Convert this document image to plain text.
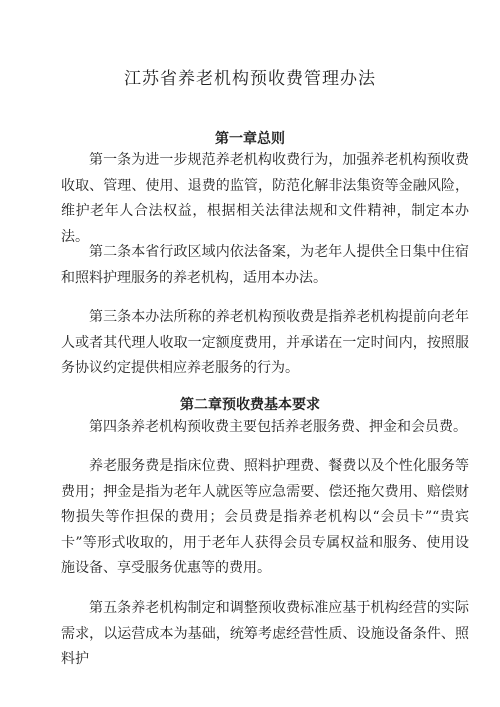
江苏省养老机构预收费管理办法
第一章总则
第一条为进一步规范养老机构收费行为，加强养老机构预收费收取、管理、使用、退费的监管，防范化解非法集资等金融风险，维护老年人合法权益，根据相关法律法规和文件精神，制定本办法。
第二条本省行政区域内依法备案，为老年人提供全日集中住宿和照料护理服务的养老机构，适用本办法。
第三条本办法所称的养老机构预收费是指养老机构提前向老年人或者其代理人收取一定额度费用，并承诺在一定时间内，按照服务协议约定提供相应养老服务的行为。
第二章预收费基本要求
第四条养老机构预收费主要包括养老服务费、押金和会员费。
养老服务费是指床位费、照料护理费、餐费以及个性化服务等费用；押金是指为老年人就医等应急需要、偿还拖欠费用、赔偿财物损失等作担保的费用；会员费是指养老机构以“会员卡”“贵宾卡”等形式收取的，用于老年人获得会员专属权益和服务、使用设施设备、享受服务优惠等的费用。
第五条养老机构制定和调整预收费标准应基于机构经营的实际需求，以运营成本为基础，统筹考虑经营性质、设施设备条件、照料护
